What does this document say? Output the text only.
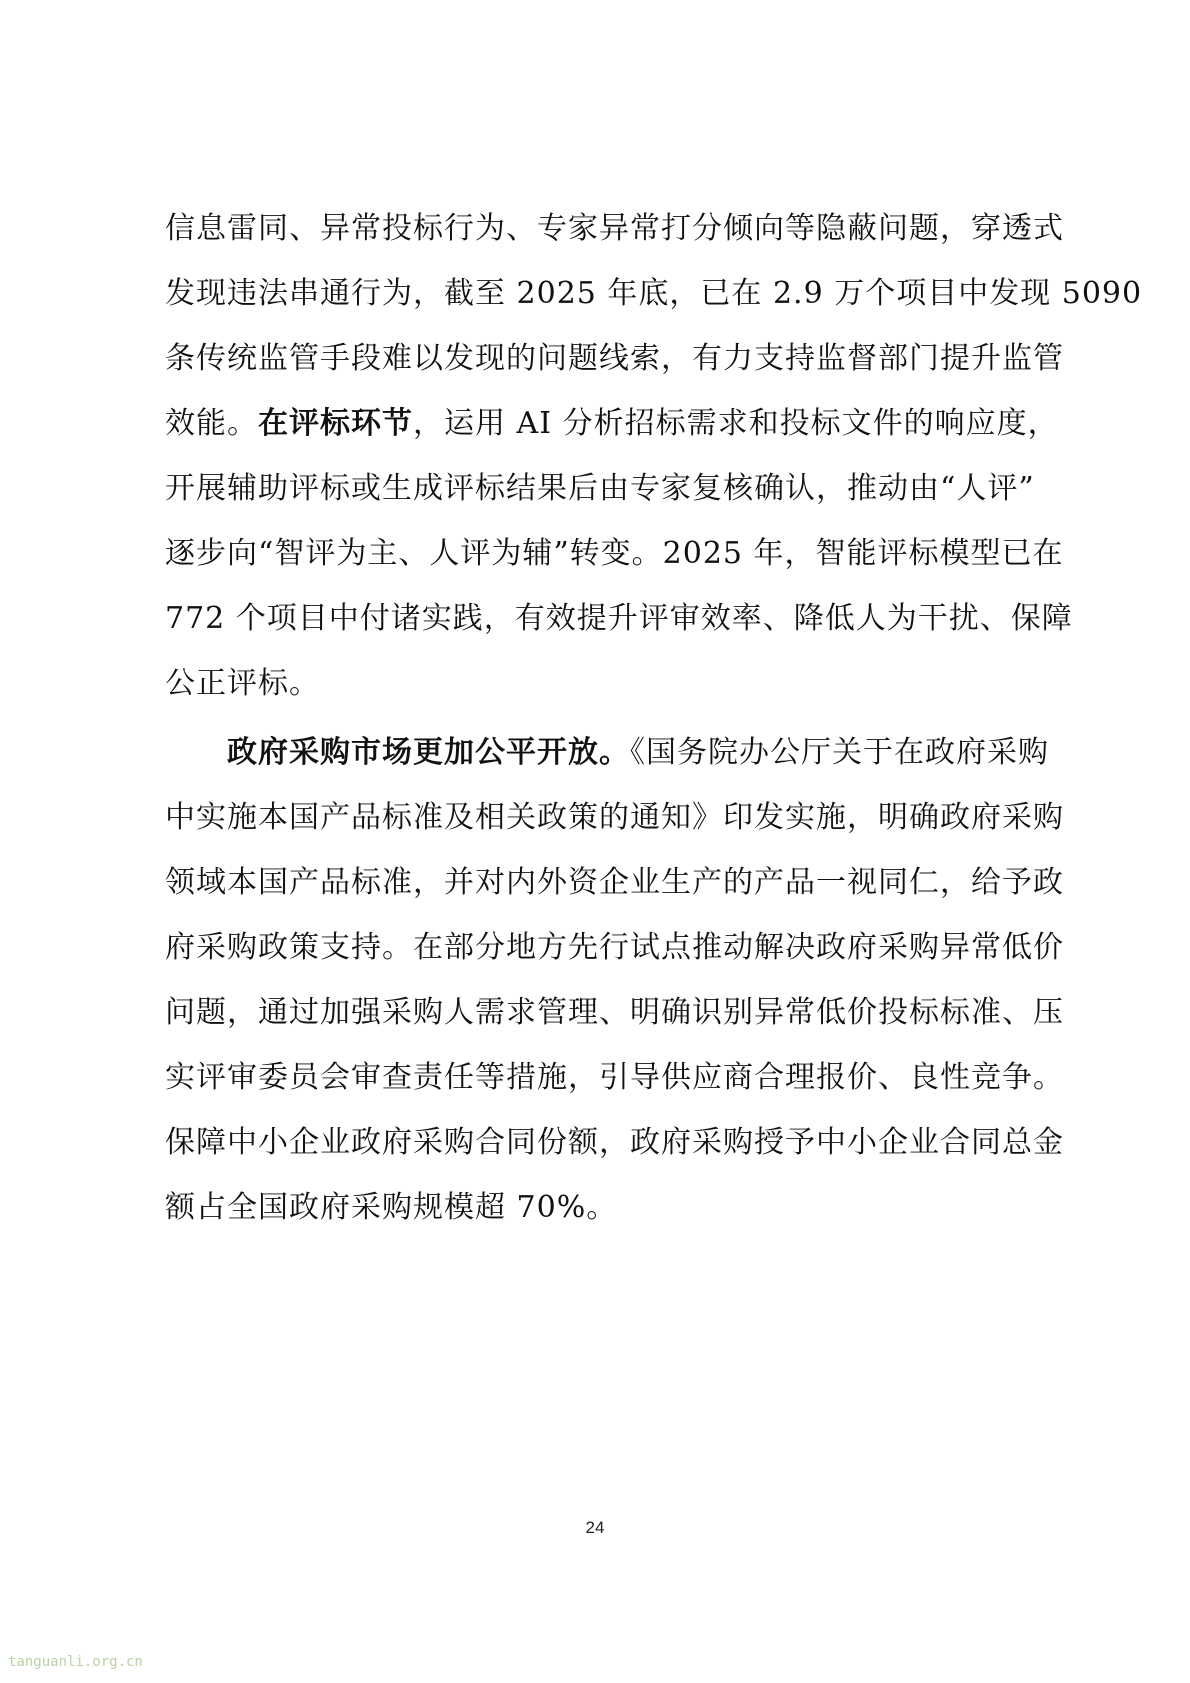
信息雷同、异常投标行为、专家异常打分倾向等隐蔽问题，穿透式
发现违法串通行为，截至 2025 年底，已在 2.9 万个项目中发现 5090
条传统监管手段难以发现的问题线索，有力支持监督部门提升监管
效能。在评标环节，运用 AI 分析招标需求和投标文件的响应度，
开展辅助评标或生成评标结果后由专家复核确认，推动由“人评”
逐步向“智评为主、人评为辅”转变。2025 年，智能评标模型已在
772 个项目中付诸实践，有效提升评审效率、降低人为干扰、保障
公正评标。
政府采购市场更加公平开放。《国务院办公厅关于在政府采购
中实施本国产品标准及相关政策的通知》印发实施，明确政府采购
领域本国产品标准，并对内外资企业生产的产品一视同仁，给予政
府采购政策支持。在部分地方先行试点推动解决政府采购异常低价
问题，通过加强采购人需求管理、明确识别异常低价投标标准、压
实评审委员会审查责任等措施，引导供应商合理报价、良性竞争。
保障中小企业政府采购合同份额，政府采购授予中小企业合同总金
额占全国政府采购规模超 70%。
24
tanguanli.org.cn
